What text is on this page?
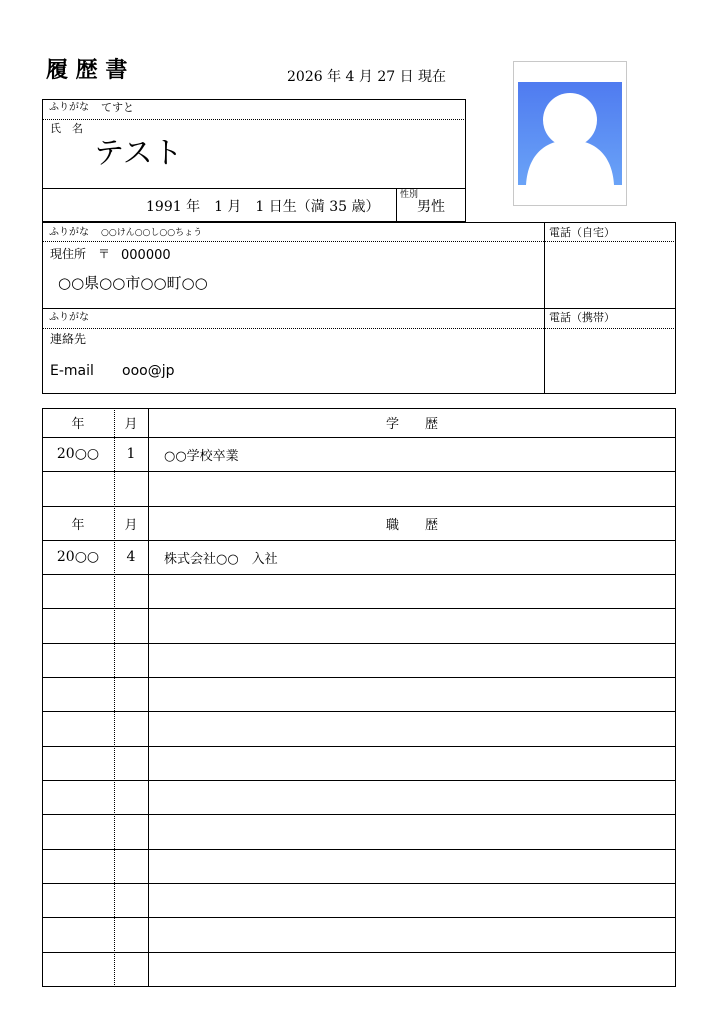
履 歴 書	2026 年 4 月 27 日 現在
ふりがな てすと
氏　名
テスト
1991 年　1 月　1 日生（満 35 歳）
性別
男性
ふりがな ○○けん○○し○○ちょう	電話（自宅）
現住所 〒 000000
○○県○○市○○町○○
ふりがな	電話（携帯）
連絡先
E-mail ooo@jp
年	月	学　　歴
20○○	1	○○学校卒業
年	月	職　　歴
20○○	4	株式会社○○　入社
